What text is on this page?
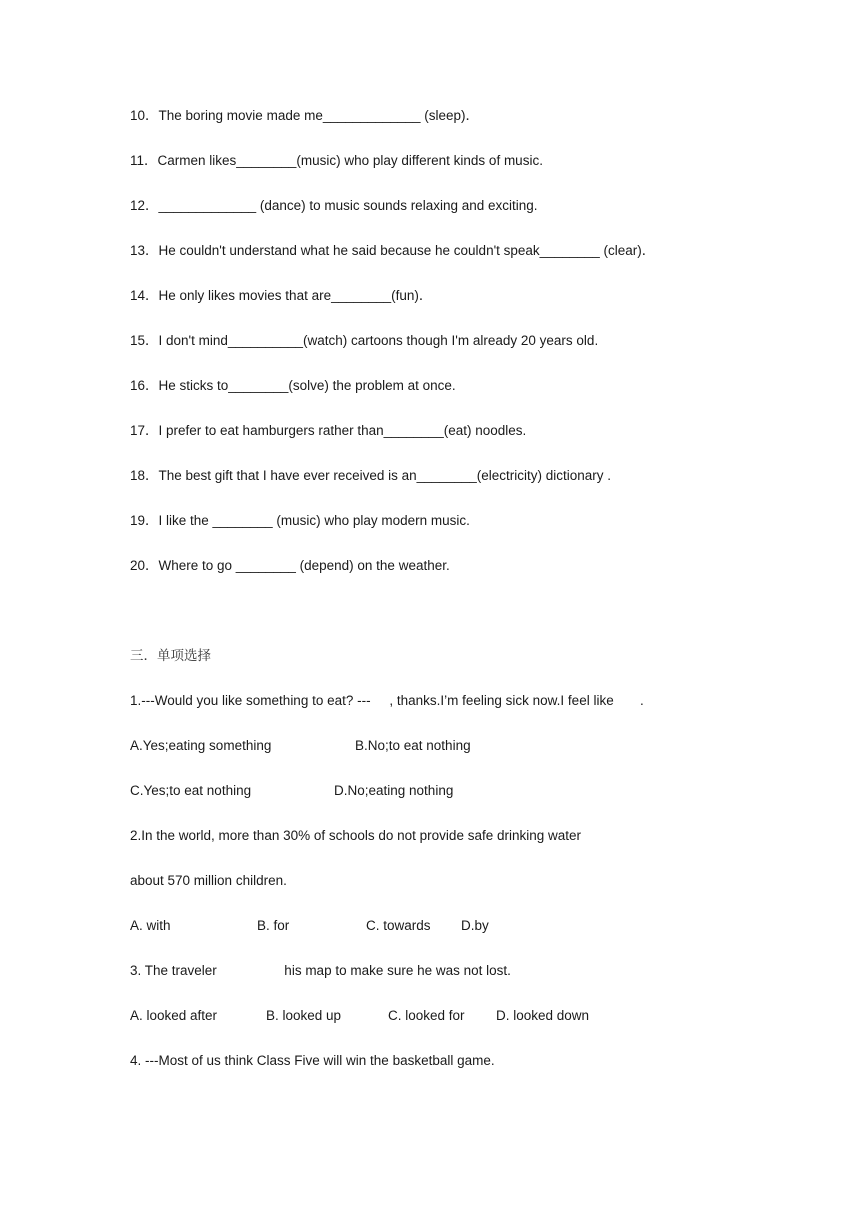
10．The boring movie made me_____________ (sleep)．
11．Carmen likes________(music) who play different kinds of music.
12．_____________ (dance) to music sounds relaxing and exciting.
13．He couldn't understand what he said because he couldn't speak________ (clear)．
14．He only likes movies that are________(fun)．
15．I don't mind__________(watch) cartoons though I'm already 20 years old.
16．He sticks to________(solve) the problem at once.
17．I prefer to eat hamburgers rather than________(eat) noodles.
18．The best gift that I have ever received is an________(electricity) dictionary .
19．I like the ________ (music) who play modern music.
20．Where to go ________ (depend) on the weather.
三．单项选择
1.---Would you like something to eat? ---     , thanks.I’m feeling sick now.I feel like       .
A.Yes;eating something	B.No;to eat nothing
C.Yes;to eat nothing	D.No;eating nothing
2.In the world, more than 30% of schools do not provide safe drinking water
about 570 million children.
A. with	B. for	C. towards D.by
3. The traveler                  his map to make sure he was not lost.
A. looked after	B. looked up	C. looked for D. looked down
4. ---Most of us think Class Five will win the basketball game.
